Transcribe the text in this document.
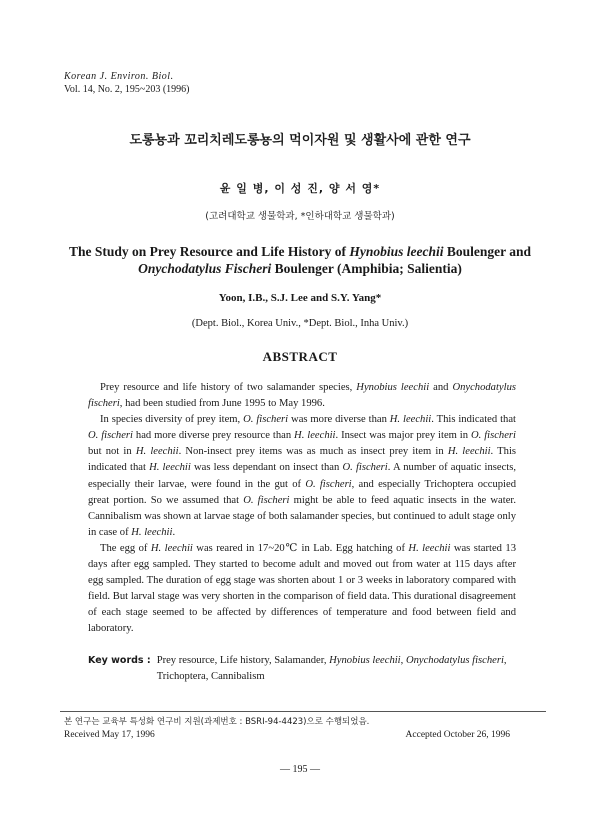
Korean J. Environ. Biol.
Vol. 14, No. 2, 195~203 (1996)
도롱뇽과 꼬리치레도롱뇽의 먹이자원 및 생활사에 관한 연구
윤 일 병, 이 성 진, 양 서 영*
(고려대학교 생물학과, *인하대학교 생물학과)
The Study on Prey Resource and Life History of Hynobius leechii Boulenger and Onychodatylus Fischeri Boulenger (Amphibia; Salientia)
Yoon, I.B., S.J. Lee and S.Y. Yang*
(Dept. Biol., Korea Univ., *Dept. Biol., Inha Univ.)
ABSTRACT

Prey resource and life history of two salamander species, Hynobius leechii and Onychodatylus fischeri, had been studied from June 1995 to May 1996.

In species diversity of prey item, O. fischeri was more diverse than H. leechii. This indicated that O. fischeri had more diverse prey resource than H. leechii. Insect was major prey item in O. fischeri but not in H. leechii. Non-insect prey items was as much as insect prey item in H. leechii. This indicated that H. leechii was less dependant on insect than O. fischeri. A number of aquatic insects, especially their larvae, were found in the gut of O. fischeri, and especially Trichoptera occupied great portion. So we assumed that O. fischeri might be able to feed aquatic insects in the water. Cannibalism was shown at larvae stage of both salamander species, but continued to adult stage only in case of H. leechii.

The egg of H. leechii was reared in 17~20℃ in Lab. Egg hatching of H. leechii was started 13 days after egg sampled. They started to become adult and moved out from water at 115 days after egg sampled. The duration of egg stage was shorten about 1 or 3 weeks in laboratory compared with field. But larval stage was very shorten in the comparison of field data. This durational disagreement of each stage seemed to be affected by differences of temperature and food between field and laboratory.

Key words : Prey resource, Life history, Salamander, Hynobius leechii, Onychodatylus fischeri, Trichoptera, Cannibalism
본 연구는 교육부 특성화 연구비 지원(과제번호 : BSRI-94-4423)으로 수행되었음.
Received May 17, 1996	Accepted October 26, 1996
— 195 —
